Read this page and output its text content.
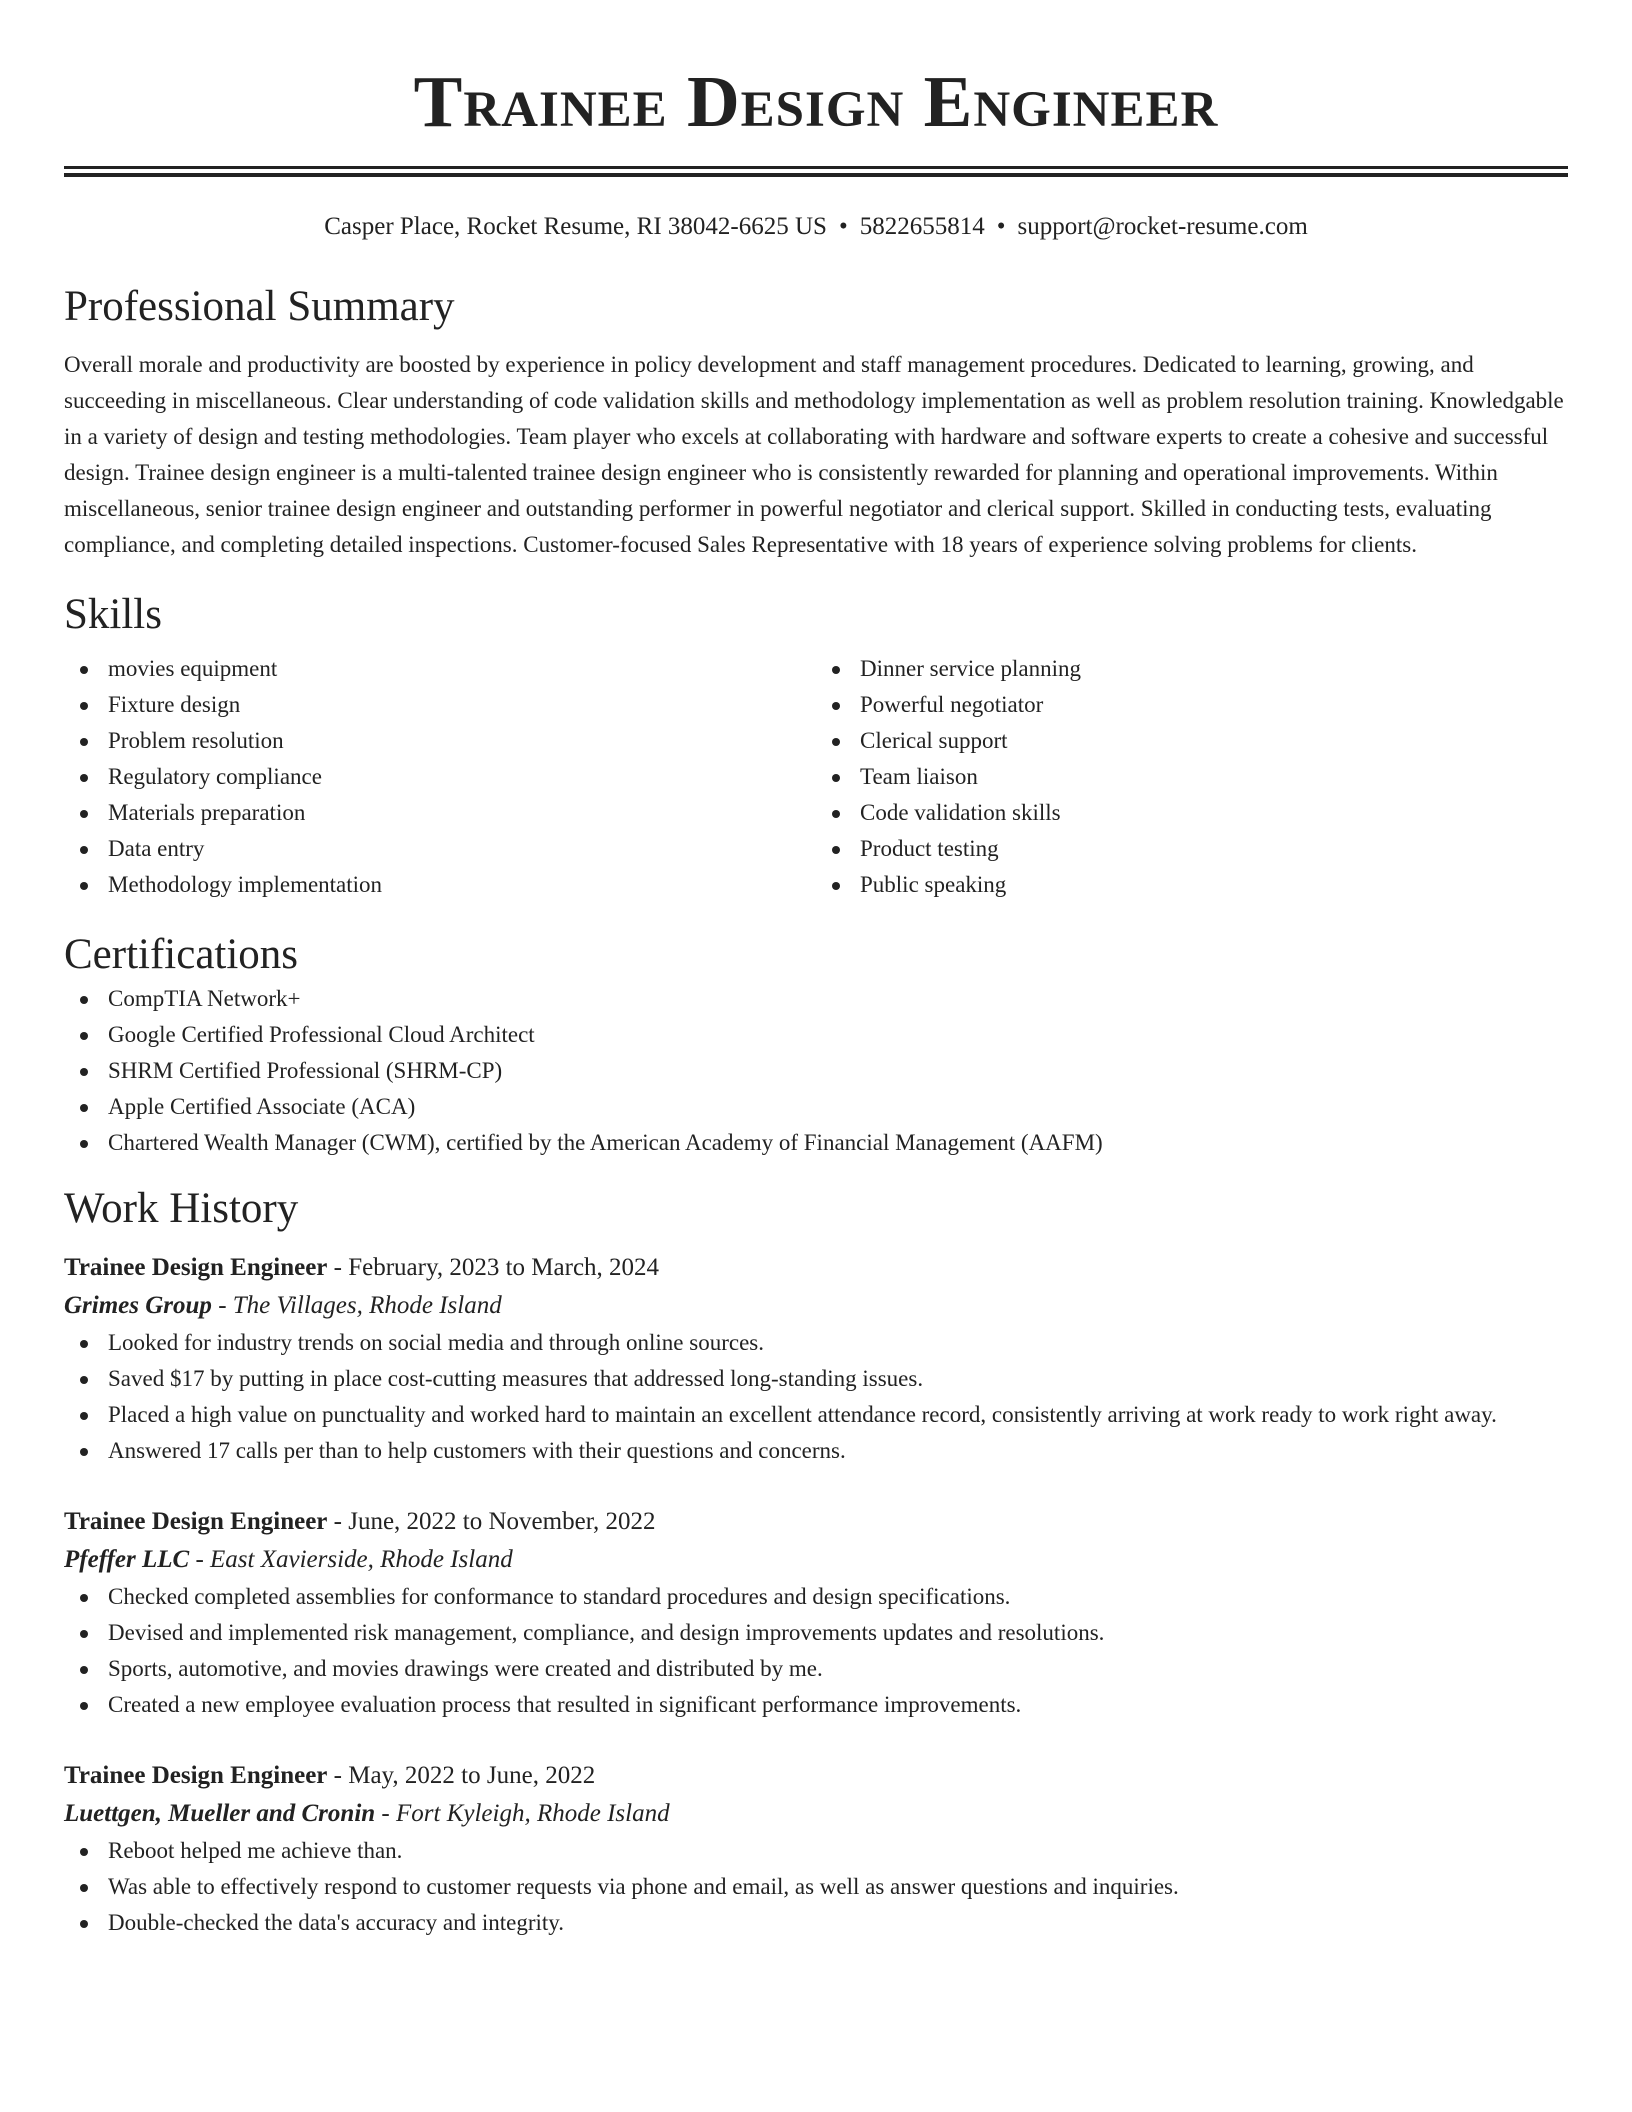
Trainee Design Engineer
Casper Place, Rocket Resume, RI 38042-6625 US • 5822655814 • support@rocket-resume.com
Professional Summary

Overall morale and productivity are boosted by experience in policy development and staff management procedures. Dedicated to learning, growing, and succeeding in miscellaneous. Clear understanding of code validation skills and methodology implementation as well as problem resolution training. Knowledgable in a variety of design and testing methodologies. Team player who excels at collaborating with hardware and software experts to create a cohesive and successful design. Trainee design engineer is a multi-talented trainee design engineer who is consistently rewarded for planning and operational improvements. Within miscellaneous, senior trainee design engineer and outstanding performer in powerful negotiator and clerical support. Skilled in conducting tests, evaluating compliance, and completing detailed inspections. Customer-focused Sales Representative with 18 years of experience solving problems for clients.

Skills
movies equipment
Fixture design
Problem resolution
Regulatory compliance
Materials preparation
Data entry
Methodology implementation
Dinner service planning
Powerful negotiator
Clerical support
Team liaison
Code validation skills
Product testing
Public speaking
Certifications
CompTIA Network+
Google Certified Professional Cloud Architect
SHRM Certified Professional (SHRM-CP)
Apple Certified Associate (ACA)
Chartered Wealth Manager (CWM), certified by the American Academy of Financial Management (AAFM)
Work History
Trainee Design Engineer - February, 2023 to March, 2024
Grimes Group - The Villages, Rhode Island
Looked for industry trends on social media and through online sources.
Saved $17 by putting in place cost-cutting measures that addressed long-standing issues.
Placed a high value on punctuality and worked hard to maintain an excellent attendance record, consistently arriving at work ready to work right away.
Answered 17 calls per than to help customers with their questions and concerns.
Trainee Design Engineer - June, 2022 to November, 2022
Pfeffer LLC - East Xavierside, Rhode Island
Checked completed assemblies for conformance to standard procedures and design specifications.
Devised and implemented risk management, compliance, and design improvements updates and resolutions.
Sports, automotive, and movies drawings were created and distributed by me.
Created a new employee evaluation process that resulted in significant performance improvements.
Trainee Design Engineer - May, 2022 to June, 2022
Luettgen, Mueller and Cronin - Fort Kyleigh, Rhode Island
Reboot helped me achieve than.
Was able to effectively respond to customer requests via phone and email, as well as answer questions and inquiries.
Double-checked the data's accuracy and integrity.
